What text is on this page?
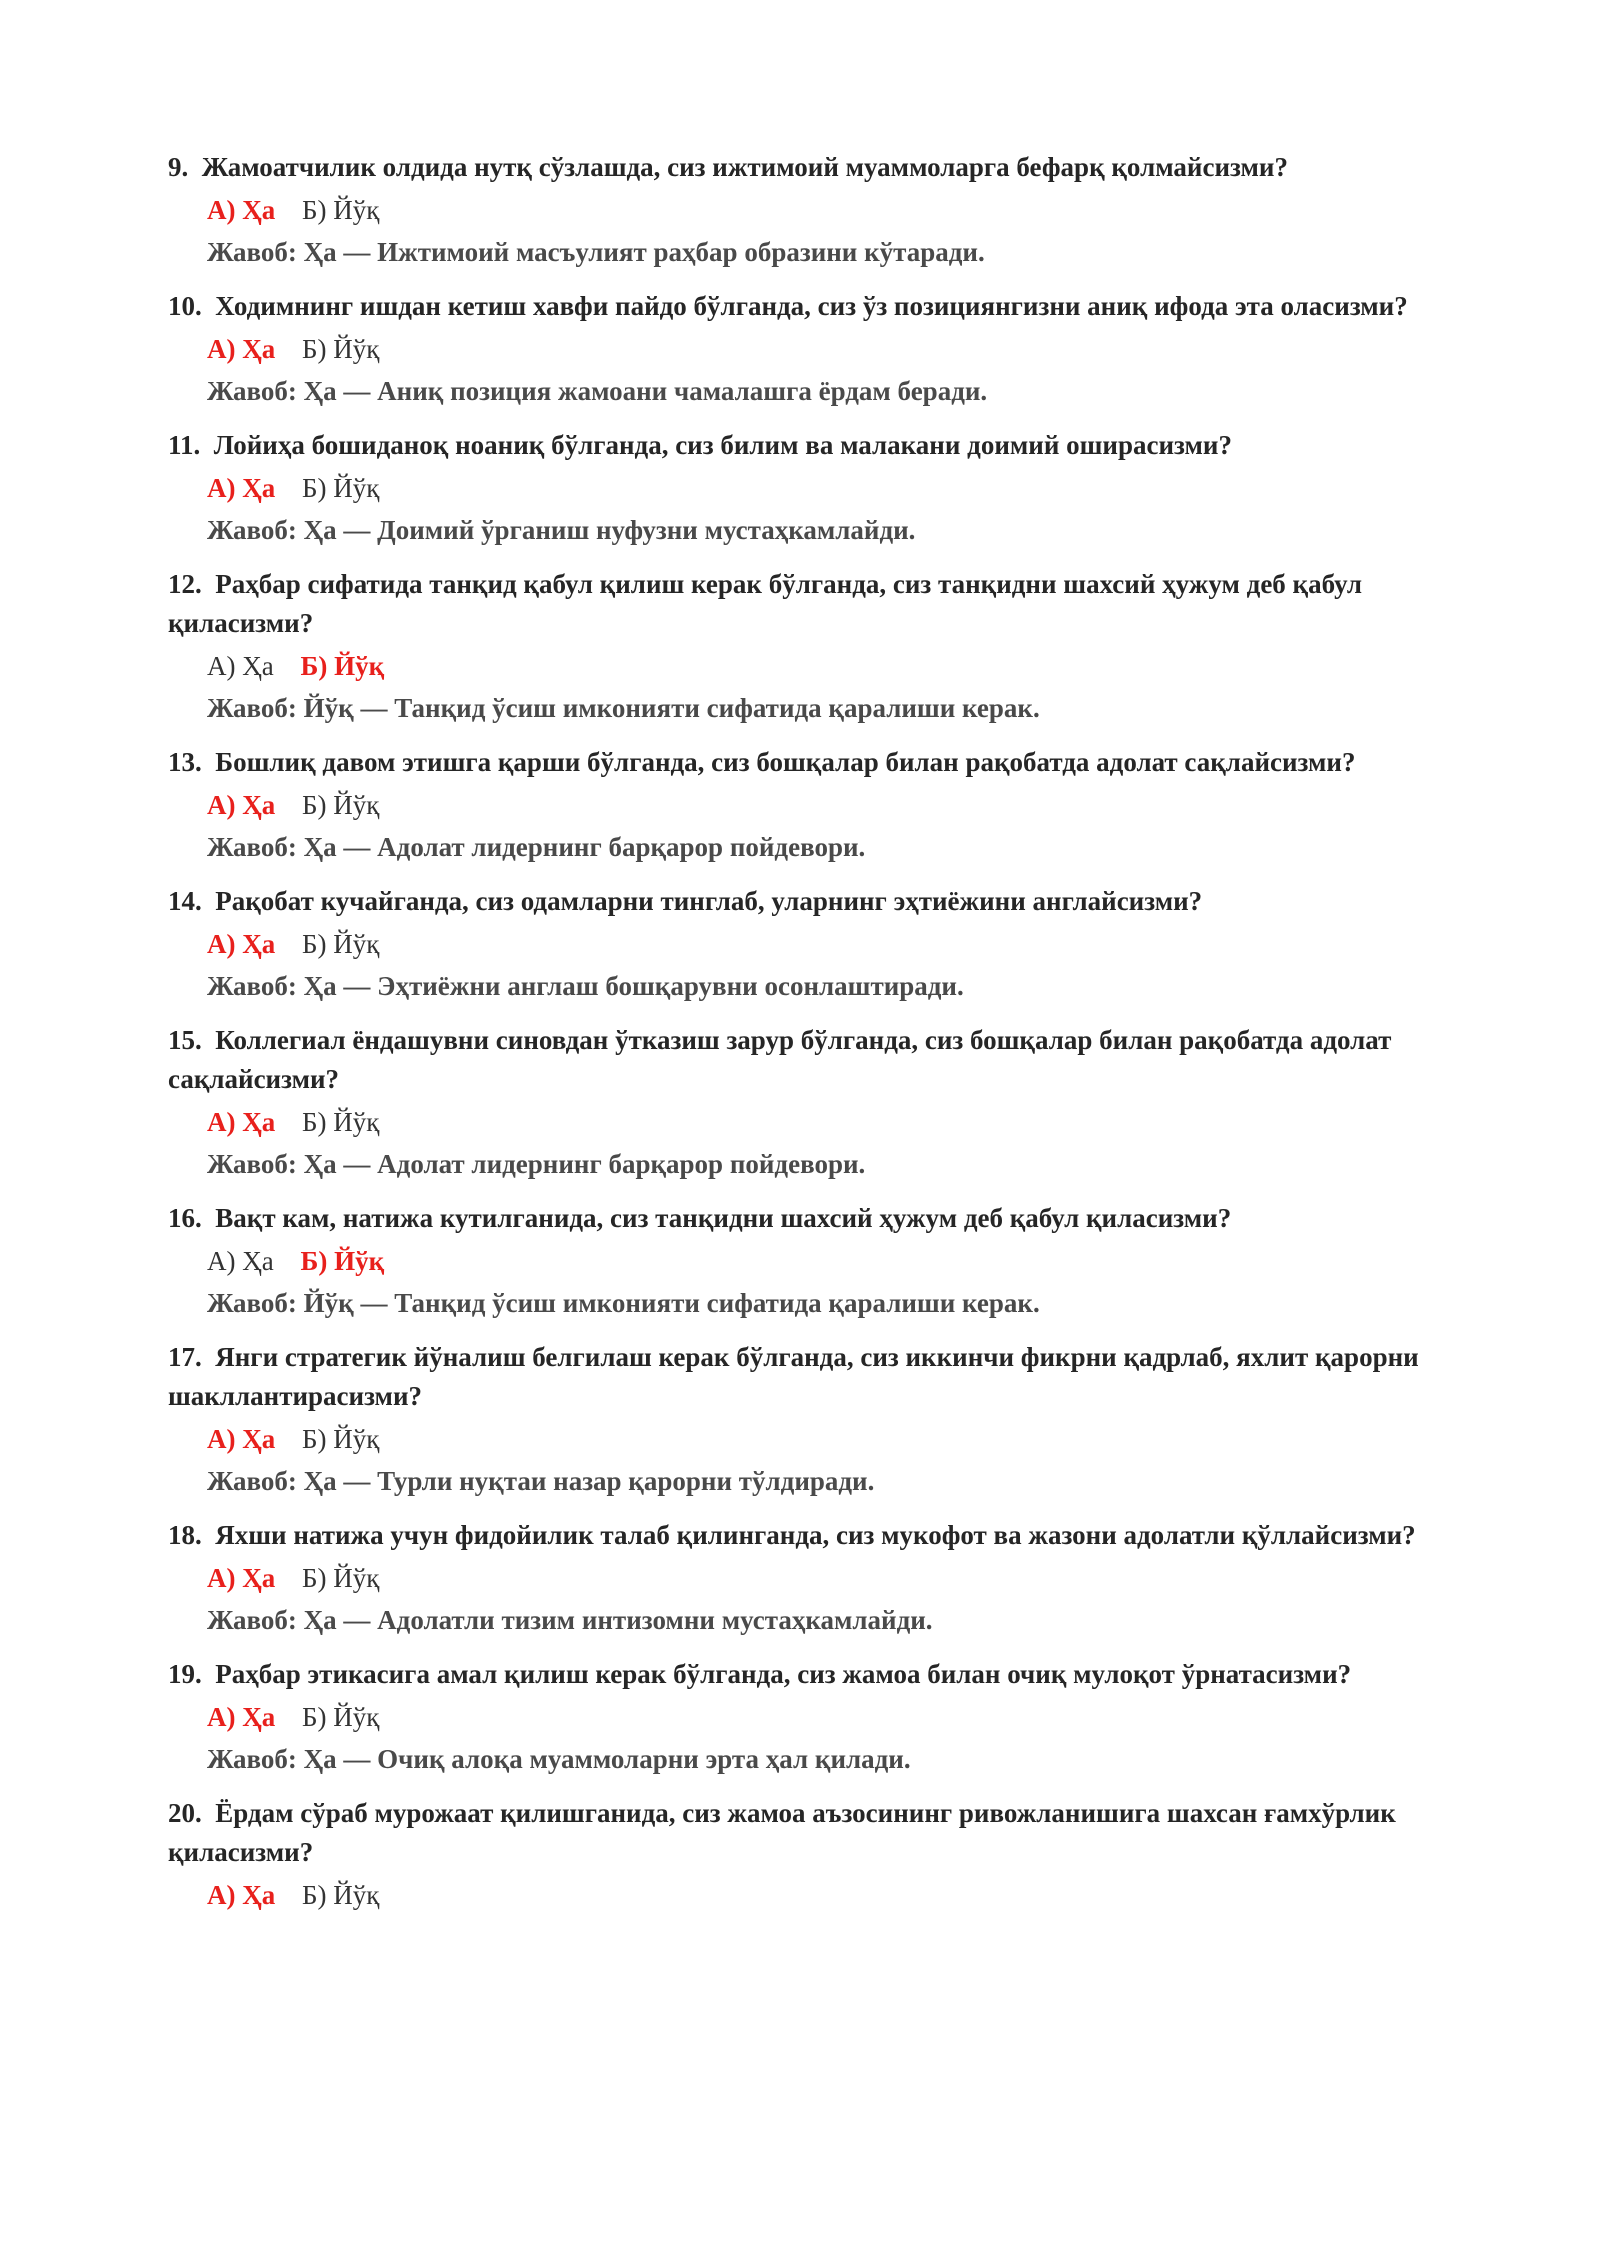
9. Жамоатчилик олдида нутқ сўзлашда, сиз ижтимоий муаммоларга бефарқ қолмайсизми?

А) Ҳа Б) Йўқ
Жавоб: Ҳа — Ижтимоий масъулият раҳбар образини кўтаради.

10. Ходимнинг ишдан кетиш хавфи пайдо бўлганда, сиз ўз позициянгизни аниқ ифода эта оласизми?

А) Ҳа Б) Йўқ
Жавоб: Ҳа — Аниқ позиция жамоани чамалашга ёрдам беради.

11. Лойиҳа бошиданоқ ноаниқ бўлганда, сиз билим ва малакани доимий оширасизми?

А) Ҳа Б) Йўқ
Жавоб: Ҳа — Доимий ўрганиш нуфузни мустаҳкамлайди.

12. Раҳбар сифатида танқид қабул қилиш керак бўлганда, сиз танқидни шахсий ҳужум деб қабул қиласизми?

А) Ҳа Б) Йўқ
Жавоб: Йўқ — Танқид ўсиш имконияти сифатида қаралиши керак.

13. Бошлиқ давом этишга қарши бўлганда, сиз бошқалар билан рақобатда адолат сақлайсизми?

А) Ҳа Б) Йўқ
Жавоб: Ҳа — Адолат лидернинг барқарор пойдевори.

14. Рақобат кучайганда, сиз одамларни тинглаб, уларнинг эҳтиёжини англайсизми?

А) Ҳа Б) Йўқ
Жавоб: Ҳа — Эҳтиёжни англаш бошқарувни осонлаштиради.

15. Коллегиал ёндашувни синовдан ўтказиш зарур бўлганда, сиз бошқалар билан рақобатда адолат сақлайсизми?

А) Ҳа Б) Йўқ
Жавоб: Ҳа — Адолат лидернинг барқарор пойдевори.

16. Вақт кам, натижа кутилганида, сиз танқидни шахсий ҳужум деб қабул қиласизми?

А) Ҳа Б) Йўқ
Жавоб: Йўқ — Танқид ўсиш имконияти сифатида қаралиши керак.

17. Янги стратегик йўналиш белгилаш керак бўлганда, сиз иккинчи фикрни қадрлаб, яхлит қарорни шакллантирасизми?

А) Ҳа Б) Йўқ
Жавоб: Ҳа — Турли нуқтаи назар қарорни тўлдиради.

18. Яхши натижа учун фидойилик талаб қилинганда, сиз мукофот ва жазони адолатли қўллайсизми?

А) Ҳа Б) Йўқ
Жавоб: Ҳа — Адолатли тизим интизомни мустаҳкамлайди.

19. Раҳбар этикасига амал қилиш керак бўлганда, сиз жамоа билан очиқ мулоқот ўрнатасизми?

А) Ҳа Б) Йўқ
Жавоб: Ҳа — Очиқ алоқа муаммоларни эрта ҳал қилади.

20. Ёрдам сўраб мурожаат қилишганида, сиз жамоа аъзосининг ривожланишига шахсан ғамхўрлик қиласизми?

А) Ҳа Б) Йўқ
